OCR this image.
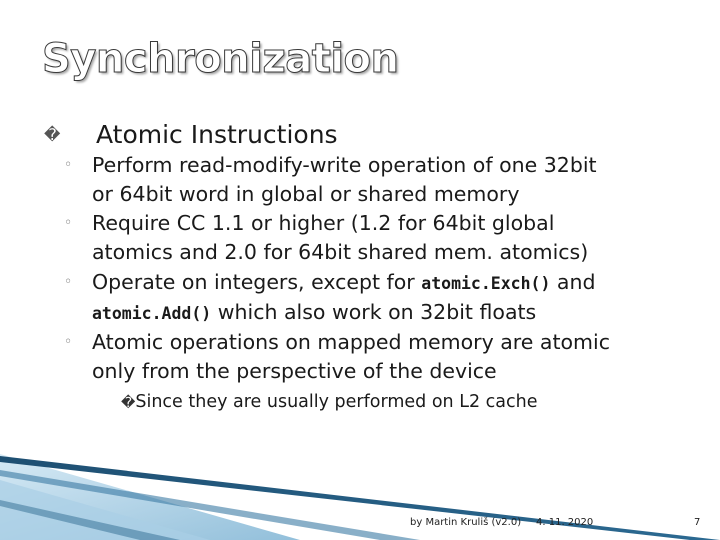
Synchronization
� Atomic Instructions
◦ Perform read-modify-write operation of one 32bit
or 64bit word in global or shared memory
◦ Require CC 1.1 or higher (1.2 for 64bit global
atomics and 2.0 for 64bit shared mem. atomics)
◦ Operate on integers, except for atomic.Exch() and
atomic.Add() which also work on 32bit floats
◦ Atomic operations on mapped memory are atomic
only from the perspective of the device
�Since they are usually performed on L2 cache
by Martin Kruliš (v2.0) 4. 11. 2020	7
